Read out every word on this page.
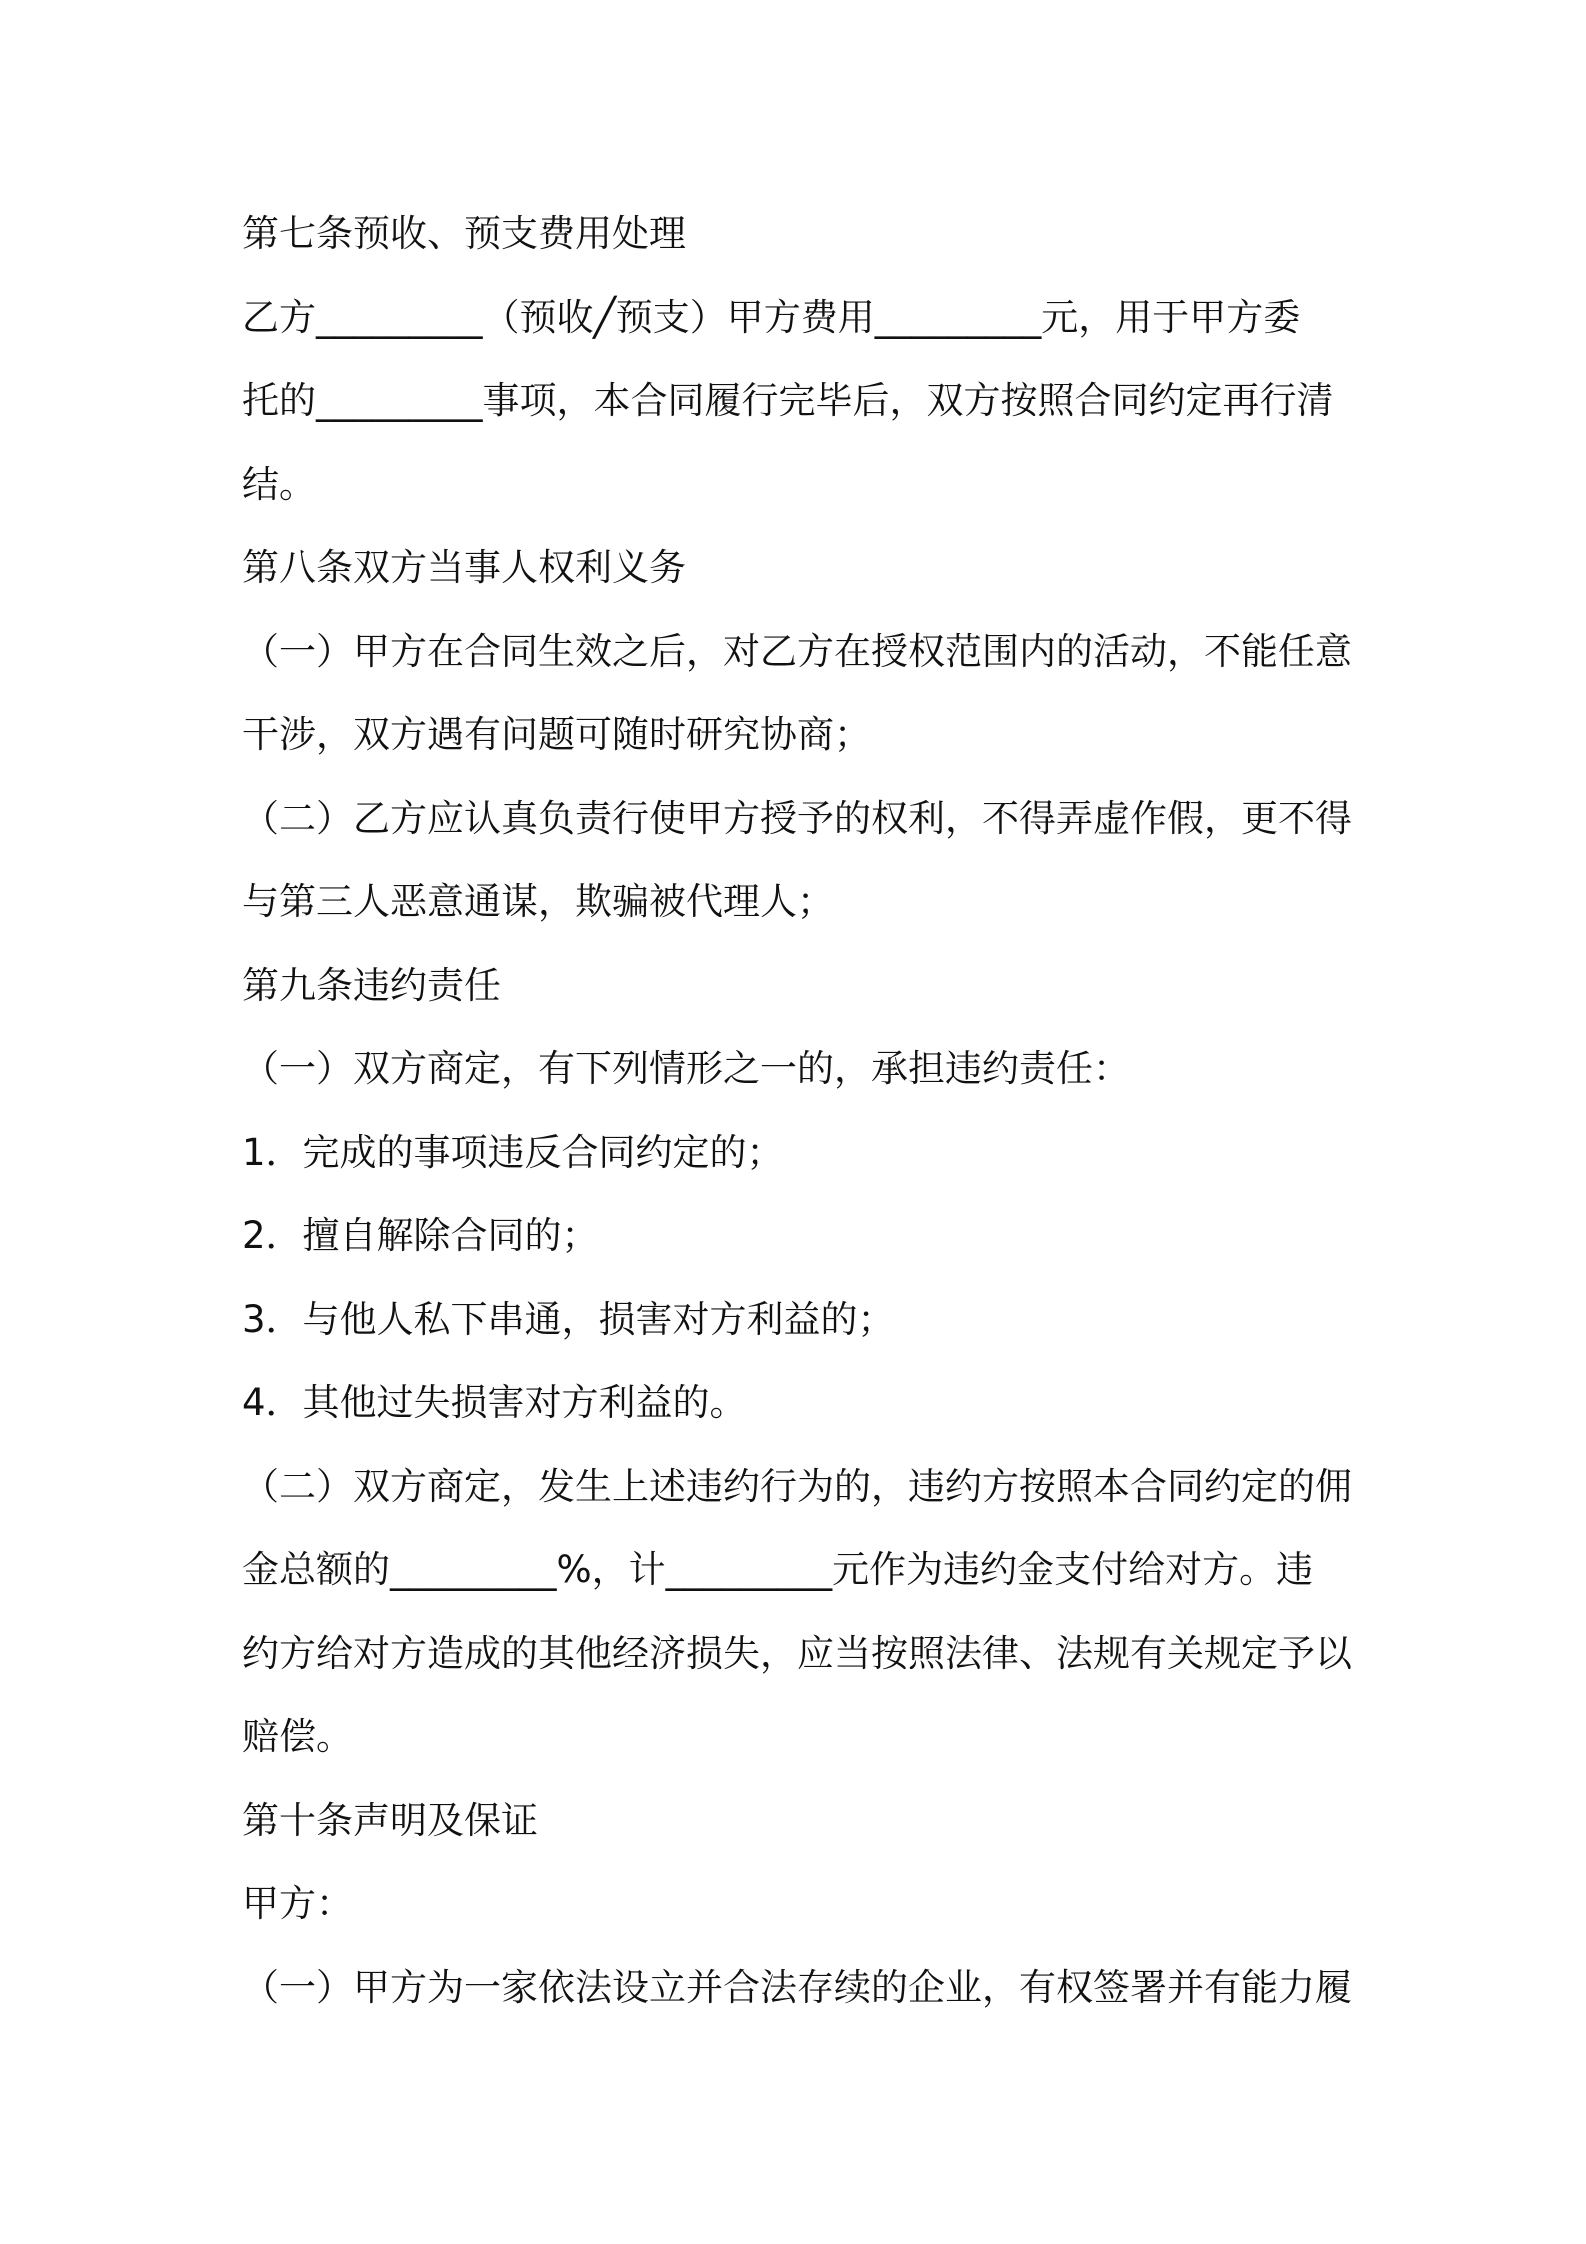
第七条预收、预支费用处理
乙方_________（预收╱预支）甲方费用_________元，用于甲方委
托的_________事项，本合同履行完毕后，双方按照合同约定再行清
结。
第八条双方当事人权利义务
（一）甲方在合同生效之后，对乙方在授权范围内的活动，不能任意
干涉，双方遇有问题可随时研究协商；
（二）乙方应认真负责行使甲方授予的权利，不得弄虚作假，更不得
与第三人恶意通谋，欺骗被代理人；
第九条违约责任
（一）双方商定，有下列情形之一的，承担违约责任：
1．完成的事项违反合同约定的；
2．擅自解除合同的；
3．与他人私下串通，损害对方利益的；
4．其他过失损害对方利益的。
（二）双方商定，发生上述违约行为的，违约方按照本合同约定的佣
金总额的_________%，计_________元作为违约金支付给对方。违
约方给对方造成的其他经济损失，应当按照法律、法规有关规定予以
赔偿。
第十条声明及保证
甲方：
（一）甲方为一家依法设立并合法存续的企业，有权签署并有能力履
